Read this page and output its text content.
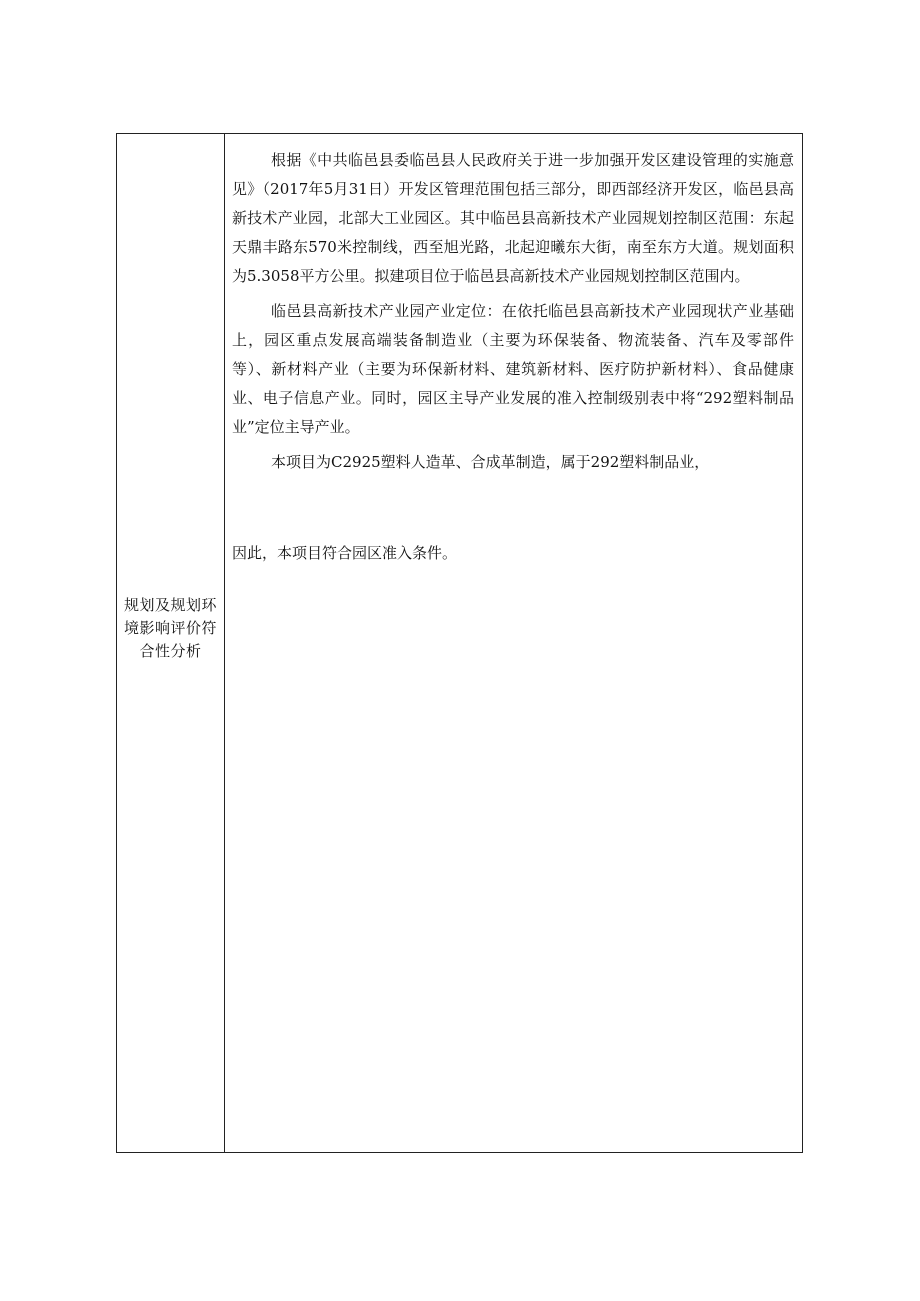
规划及规划环境影响评价符合性分析

根据《中共临邑县委临邑县人民政府关于进一步加强开发区建设管理的实施意见》（2017年5月31日）开发区管理范围包括三部分，即西部经济开发区，临邑县高新技术产业园，北部大工业园区。其中临邑县高新技术产业园规划控制区范围：东起天鼎丰路东570米控制线，西至旭光路，北起迎曦东大街，南至东方大道。规划面积为5.3058平方公里。拟建项目位于临邑县高新技术产业园规划控制区范围内。

临邑县高新技术产业园产业定位：在依托临邑县高新技术产业园现状产业基础上，园区重点发展高端装备制造业（主要为环保装备、物流装备、汽车及零部件等）、新材料产业（主要为环保新材料、建筑新材料、医疗防护新材料）、食品健康业、电子信息产业。同时，园区主导产业发展的准入控制级别表中将“292塑料制品业”定位主导产业。

本项目为C2925塑料人造革、合成革制造，属于292塑料制品业，

因此，本项目符合园区准入条件。
